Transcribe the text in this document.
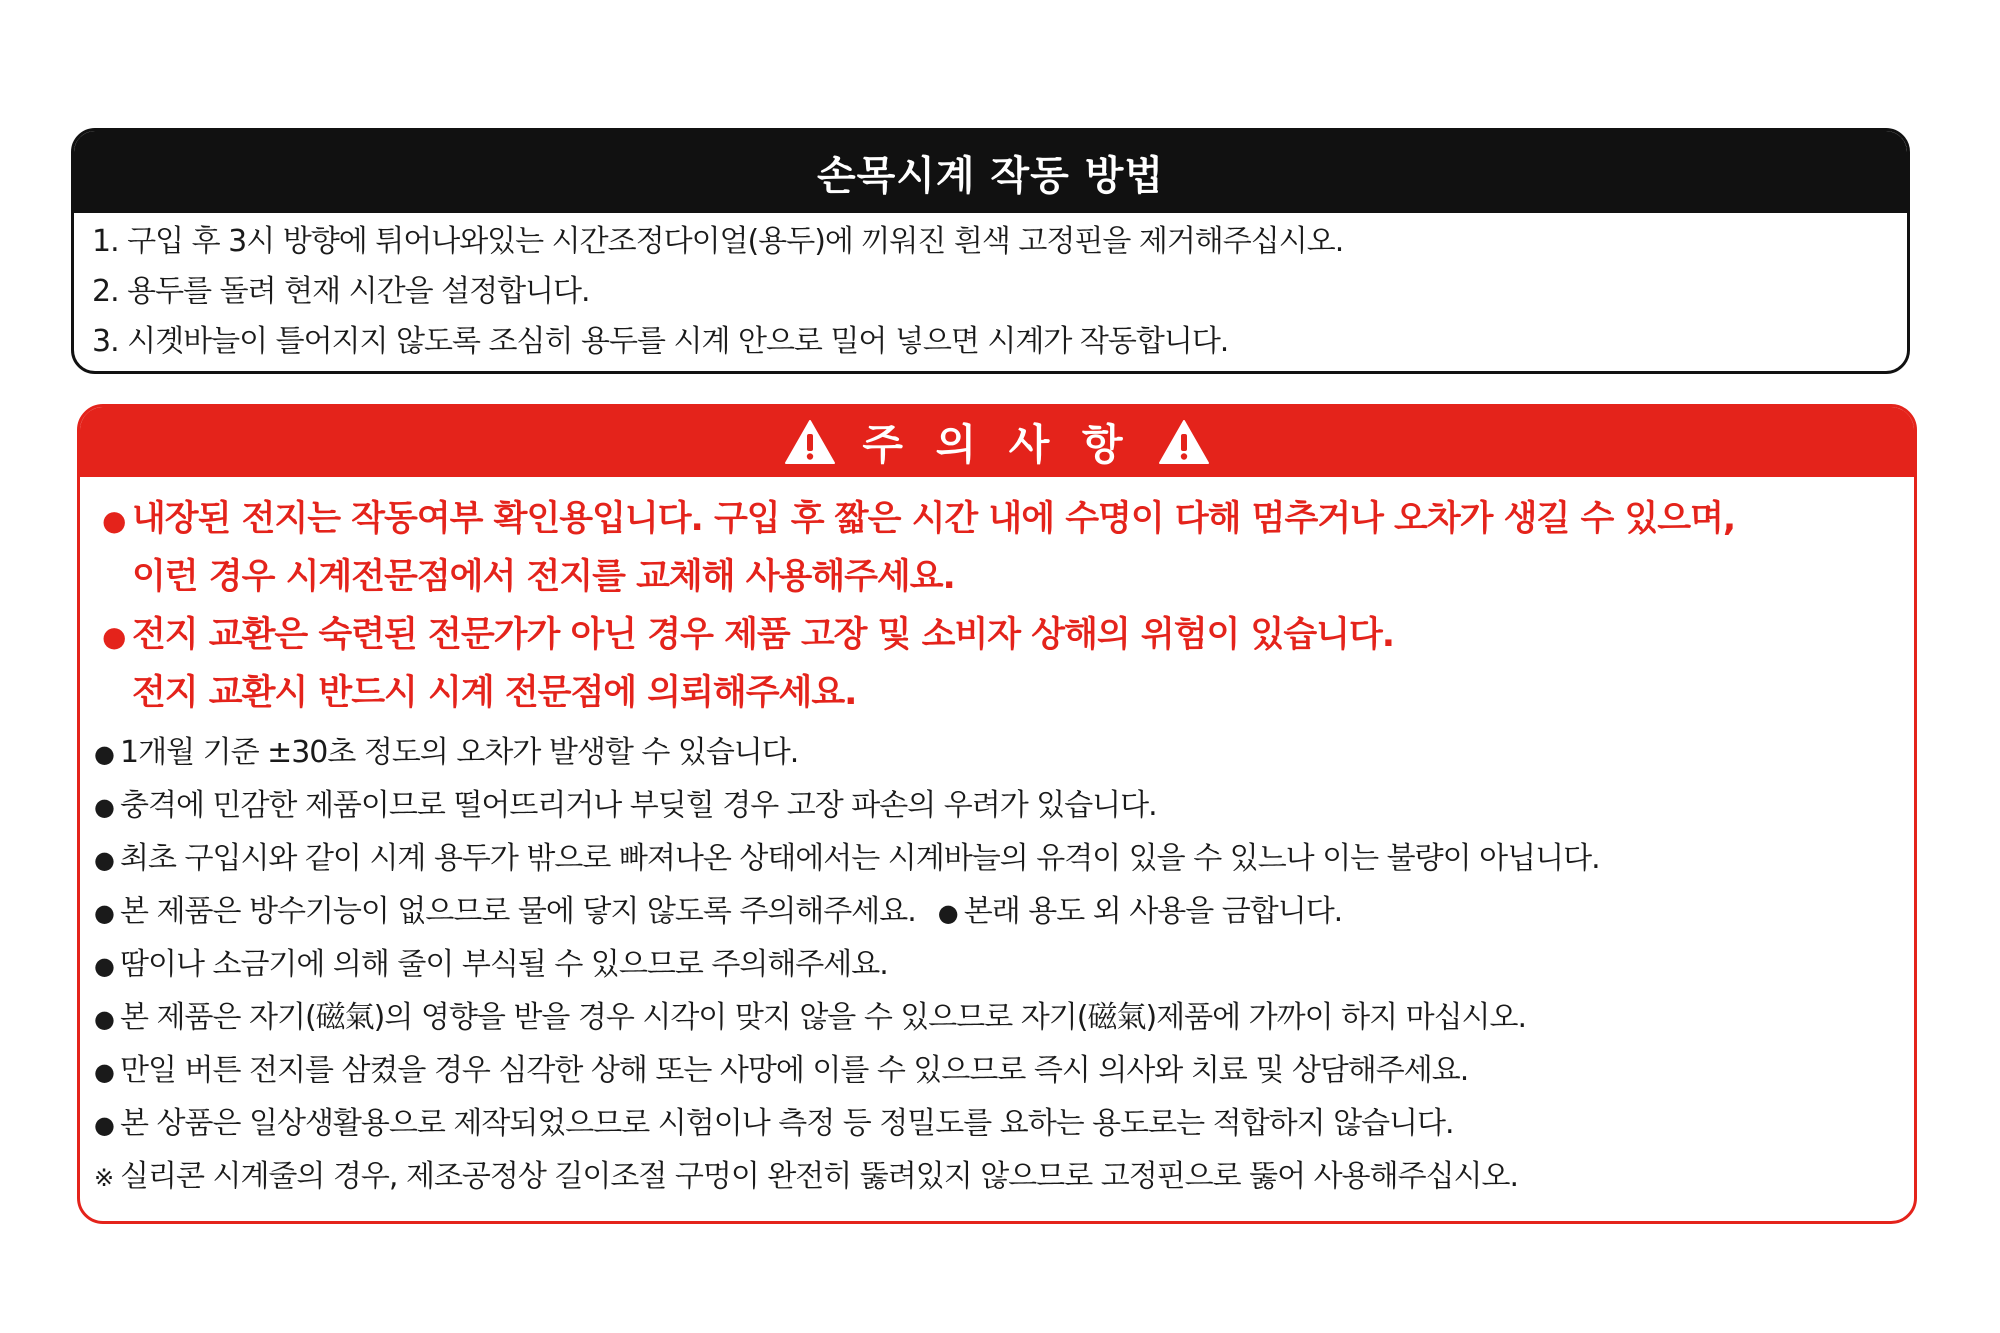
손목시계 작동 방법
1. 구입 후 3시 방향에 튀어나와있는 시간조정다이얼(용두)에 끼워진 흰색 고정핀을 제거해주십시오.
2. 용두를 돌려 현재 시간을 설정합니다.
3. 시곗바늘이 틀어지지 않도록 조심히 용두를 시계 안으로 밀어 넣으면 시계가 작동합니다.
주 의 사 항
● 내장된 전지는 작동여부 확인용입니다. 구입 후 짧은 시간 내에 수명이 다해 멈추거나 오차가 생길 수 있으며,
이런 경우 시계전문점에서 전지를 교체해 사용해주세요.
● 전지 교환은 숙련된 전문가가 아닌 경우 제품 고장 및 소비자 상해의 위험이 있습니다.
전지 교환시 반드시 시계 전문점에 의뢰해주세요.
● 1개월 기준 ±30초 정도의 오차가 발생할 수 있습니다.
● 충격에 민감한 제품이므로 떨어뜨리거나 부딪힐 경우 고장 파손의 우려가 있습니다.
● 최초 구입시와 같이 시계 용두가 밖으로 빠져나온 상태에서는 시계바늘의 유격이 있을 수 있느나 이는 불량이 아닙니다.
● 본 제품은 방수기능이 없으므로 물에 닿지 않도록 주의해주세요. ● 본래 용도 외 사용을 금합니다.
● 땀이나 소금기에 의해 줄이 부식될 수 있으므로 주의해주세요.
● 본 제품은 자기(磁氣)의 영향을 받을 경우 시각이 맞지 않을 수 있으므로 자기(磁氣)제품에 가까이 하지 마십시오.
● 만일 버튼 전지를 삼켰을 경우 심각한 상해 또는 사망에 이를 수 있으므로 즉시 의사와 치료 및 상담해주세요.
● 본 상품은 일상생활용으로 제작되었으므로 시험이나 측정 등 정밀도를 요하는 용도로는 적합하지 않습니다.
※ 실리콘 시계줄의 경우, 제조공정상 길이조절 구멍이 완전히 뚫려있지 않으므로 고정핀으로 뚫어 사용해주십시오.
